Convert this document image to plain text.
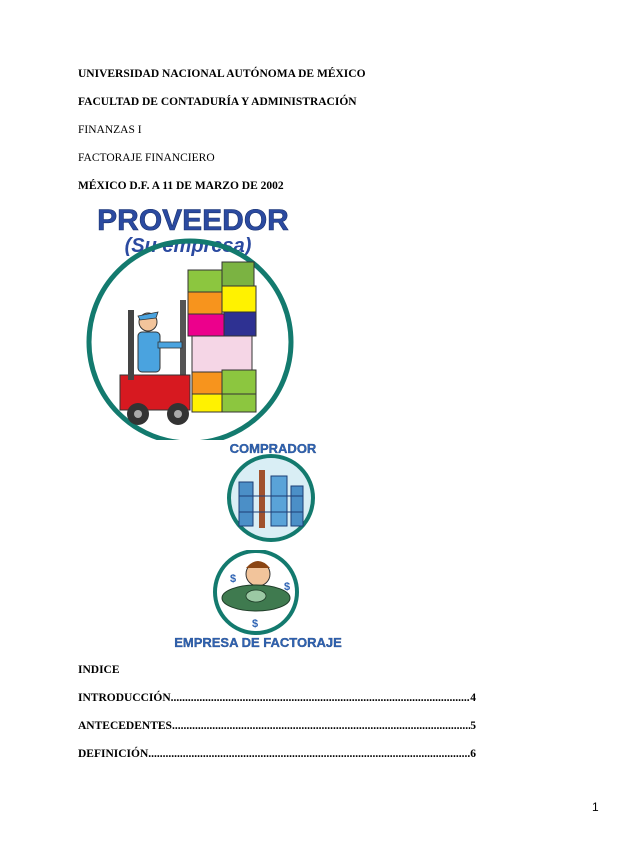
UNIVERSIDAD NACIONAL AUTÓNOMA DE MÉXICO
FACULTAD DE CONTADURÍA Y ADMINISTRACIÓN
FINANZAS I
FACTORAJE FINANCIERO
MÉXICO D.F. A 11 DE MARZO DE 2002
PROVEEDOR
(Su empresa)
COMPRADOR
$
$
$
EMPRESA DE FACTORAJE
INDICE
INTRODUCCIÓN .....	4
ANTECEDENTES .....	5
DEFINICIÓN .....	6
1
